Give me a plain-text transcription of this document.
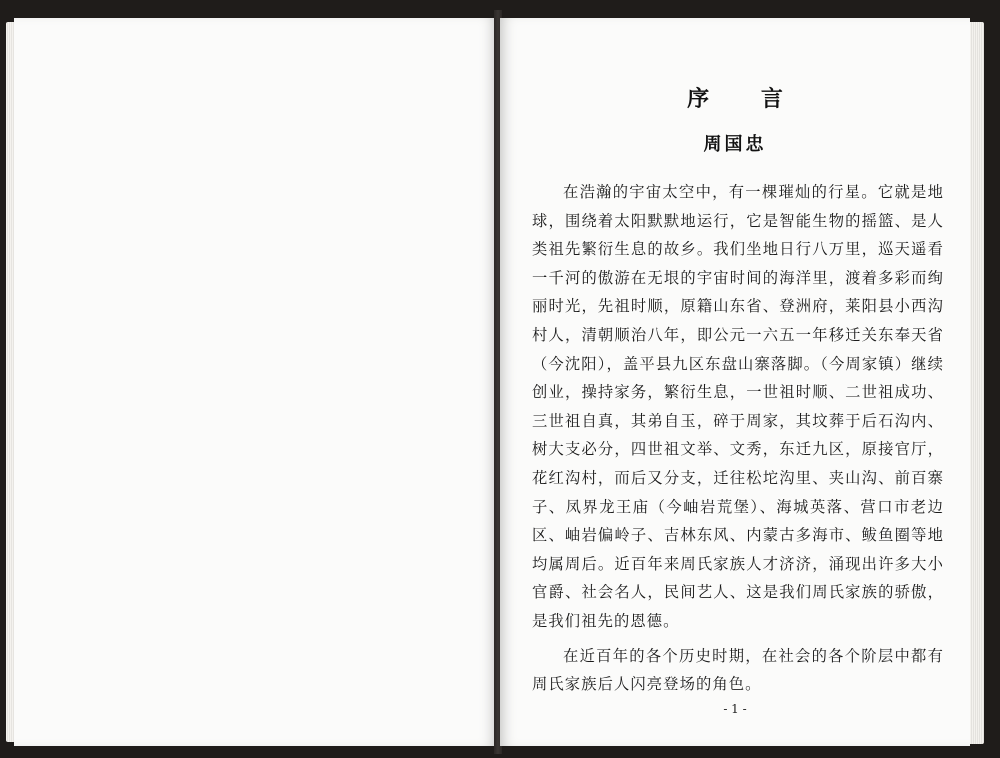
序 言
周国忠

在浩瀚的宇宙太空中，有一棵璀灿的行星。它就是地球，围绕着太阳默默地运行，它是智能生物的摇篮、是人类祖先繁衍生息的故乡。我们坐地日行八万里，巡天遥看一千河的傲游在无垠的宇宙时间的海洋里，渡着多彩而绚丽时光，先祖时顺，原籍山东省、登洲府，莱阳县小西沟村人，清朝顺治八年，即公元一六五一年移迁关东奉天省（今沈阳），盖平县九区东盘山寨落脚。（今周家镇）继续创业，操持家务，繁衍生息，一世祖时顺、二世祖成功、三世祖自真，其弟自玉，碎于周家，其坟葬于后石沟内、树大支必分，四世祖文举、文秀，东迁九区，原接官厅，花红沟村，而后又分支，迁往松坨沟里、夹山沟、前百寨子、凤界龙王庙（今岫岩荒堡）、海城英落、营口市老边区、岫岩偏岭子、吉林东风、内蒙古多海市、鲅鱼圈等地均属周后。近百年来周氏家族人才济济，涌现出许多大小官爵、社会名人，民间艺人、这是我们周氏家族的骄傲，是我们祖先的恩德。

在近百年的各个历史时期，在社会的各个阶层中都有周氏家族后人闪亮登场的角色。

- 1 -
